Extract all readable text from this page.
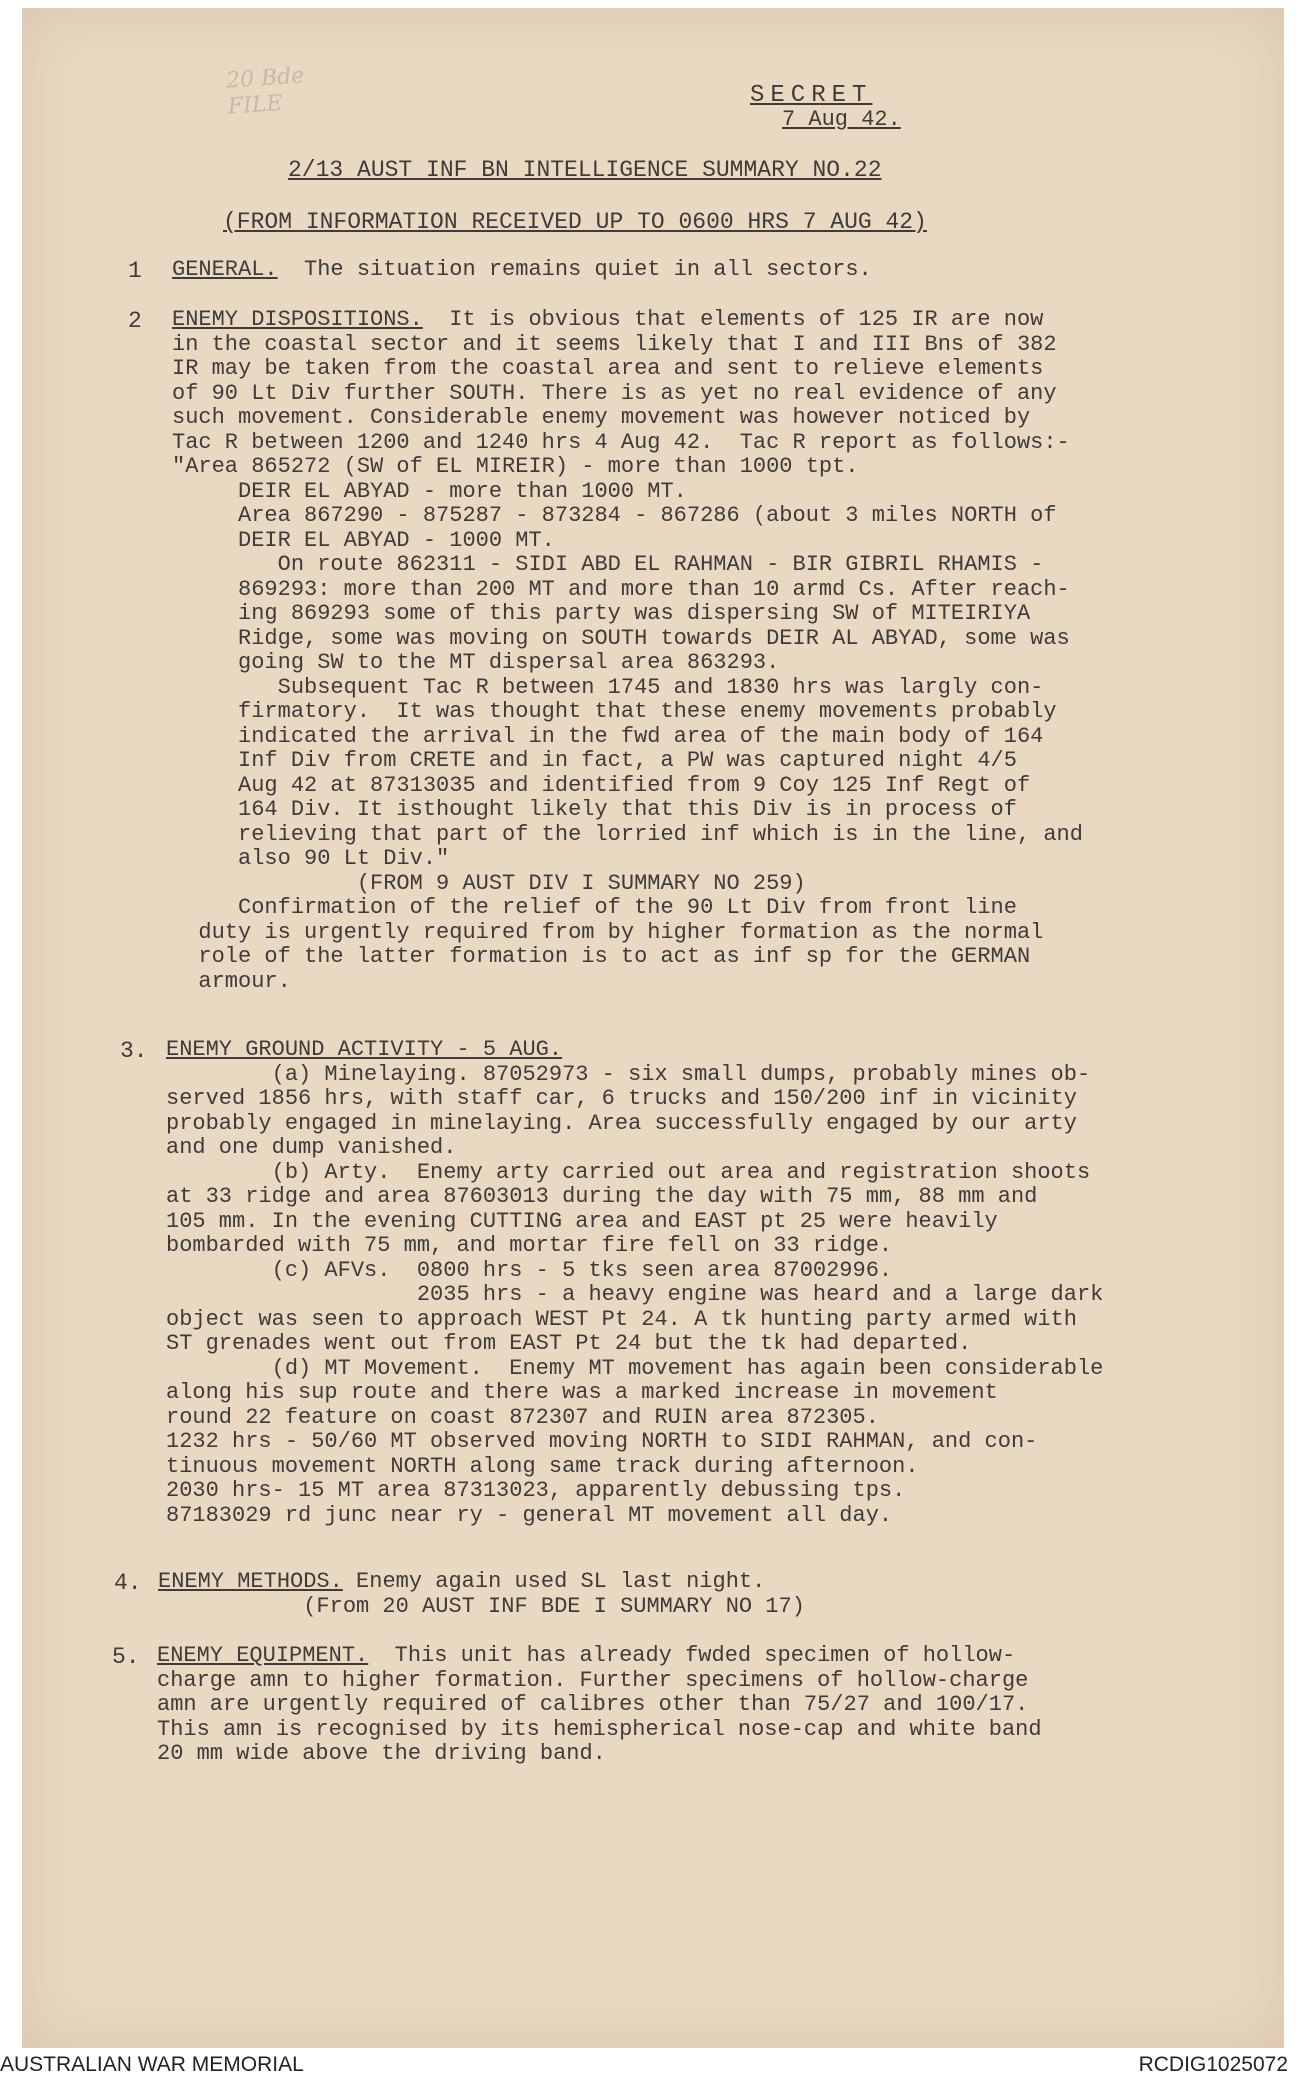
20 Bde
FILE	SECRET
7 Aug 42.
2/13 AUST INF BN INTELLIGENCE SUMMARY NO.22
(FROM INFORMATION RECEIVED UP TO 0600 HRS 7 AUG 42)
1 GENERAL.  The situation remains quiet in all sectors.
2 ENEMY DISPOSITIONS.  It is obvious that elements of 125 IR are now
in the coastal sector and it seems likely that I and III Bns of 382
IR may be taken from the coastal area and sent to relieve elements
of 90 Lt Div further SOUTH. There is as yet no real evidence of any
such movement. Considerable enemy movement was however noticed by
Tac R between 1200 and 1240 hrs 4 Aug 42.  Tac R report as follows:-
"Area 865272 (SW of EL MIREIR) - more than 1000 tpt.
DEIR EL ABYAD - more than 1000 MT.
Area 867290 - 875287 - 873284 - 867286 (about 3 miles NORTH of
DEIR EL ABYAD - 1000 MT.
On route 862311 - SIDI ABD EL RAHMAN - BIR GIBRIL RHAMIS -
869293: more than 200 MT and more than 10 armd Cs. After reach-
ing 869293 some of this party was dispersing SW of MITEIRIYA
Ridge, some was moving on SOUTH towards DEIR AL ABYAD, some was
going SW to the MT dispersal area 863293.
Subsequent Tac R between 1745 and 1830 hrs was largly con-
firmatory.  It was thought that these enemy movements probably
indicated the arrival in the fwd area of the main body of 164
Inf Div from CRETE and in fact, a PW was captured night 4/5
Aug 42 at 87313035 and identified from 9 Coy 125 Inf Regt of
164 Div. It isthought likely that this Div is in process of
relieving that part of the lorried inf which is in the line, and
also 90 Lt Div."
(FROM 9 AUST DIV I SUMMARY NO 259)
Confirmation of the relief of the 90 Lt Div from front line
duty is urgently required from by higher formation as the normal
role of the latter formation is to act as inf sp for the GERMAN
armour.
3. ENEMY GROUND ACTIVITY - 5 AUG.
(a) Minelaying. 87052973 - six small dumps, probably mines ob-
served 1856 hrs, with staff car, 6 trucks and 150/200 inf in vicinity
probably engaged in minelaying. Area successfully engaged by our arty
and one dump vanished.
(b) Arty.  Enemy arty carried out area and registration shoots
at 33 ridge and area 87603013 during the day with 75 mm, 88 mm and
105 mm. In the evening CUTTING area and EAST pt 25 were heavily
bombarded with 75 mm, and mortar fire fell on 33 ridge.
(c) AFVs.  0800 hrs - 5 tks seen area 87002996.
2035 hrs - a heavy engine was heard and a large dark
object was seen to approach WEST Pt 24. A tk hunting party armed with
ST grenades went out from EAST Pt 24 but the tk had departed.
(d) MT Movement.  Enemy MT movement has again been considerable
along his sup route and there was a marked increase in movement
round 22 feature on coast 872307 and RUIN area 872305.
1232 hrs - 50/60 MT observed moving NORTH to SIDI RAHMAN, and con-
tinuous movement NORTH along same track during afternoon.
2030 hrs- 15 MT area 87313023, apparently debussing tps.
87183029 rd junc near ry - general MT movement all day.
4. ENEMY METHODS. Enemy again used SL last night.
(From 20 AUST INF BDE I SUMMARY NO 17)
5. ENEMY EQUIPMENT.  This unit has already fwded specimen of hollow-
charge amn to higher formation. Further specimens of hollow-charge
amn are urgently required of calibres other than 75/27 and 100/17.
This amn is recognised by its hemispherical nose-cap and white band
20 mm wide above the driving band.
AUSTRALIAN WAR MEMORIAL	RCDIG1025072
